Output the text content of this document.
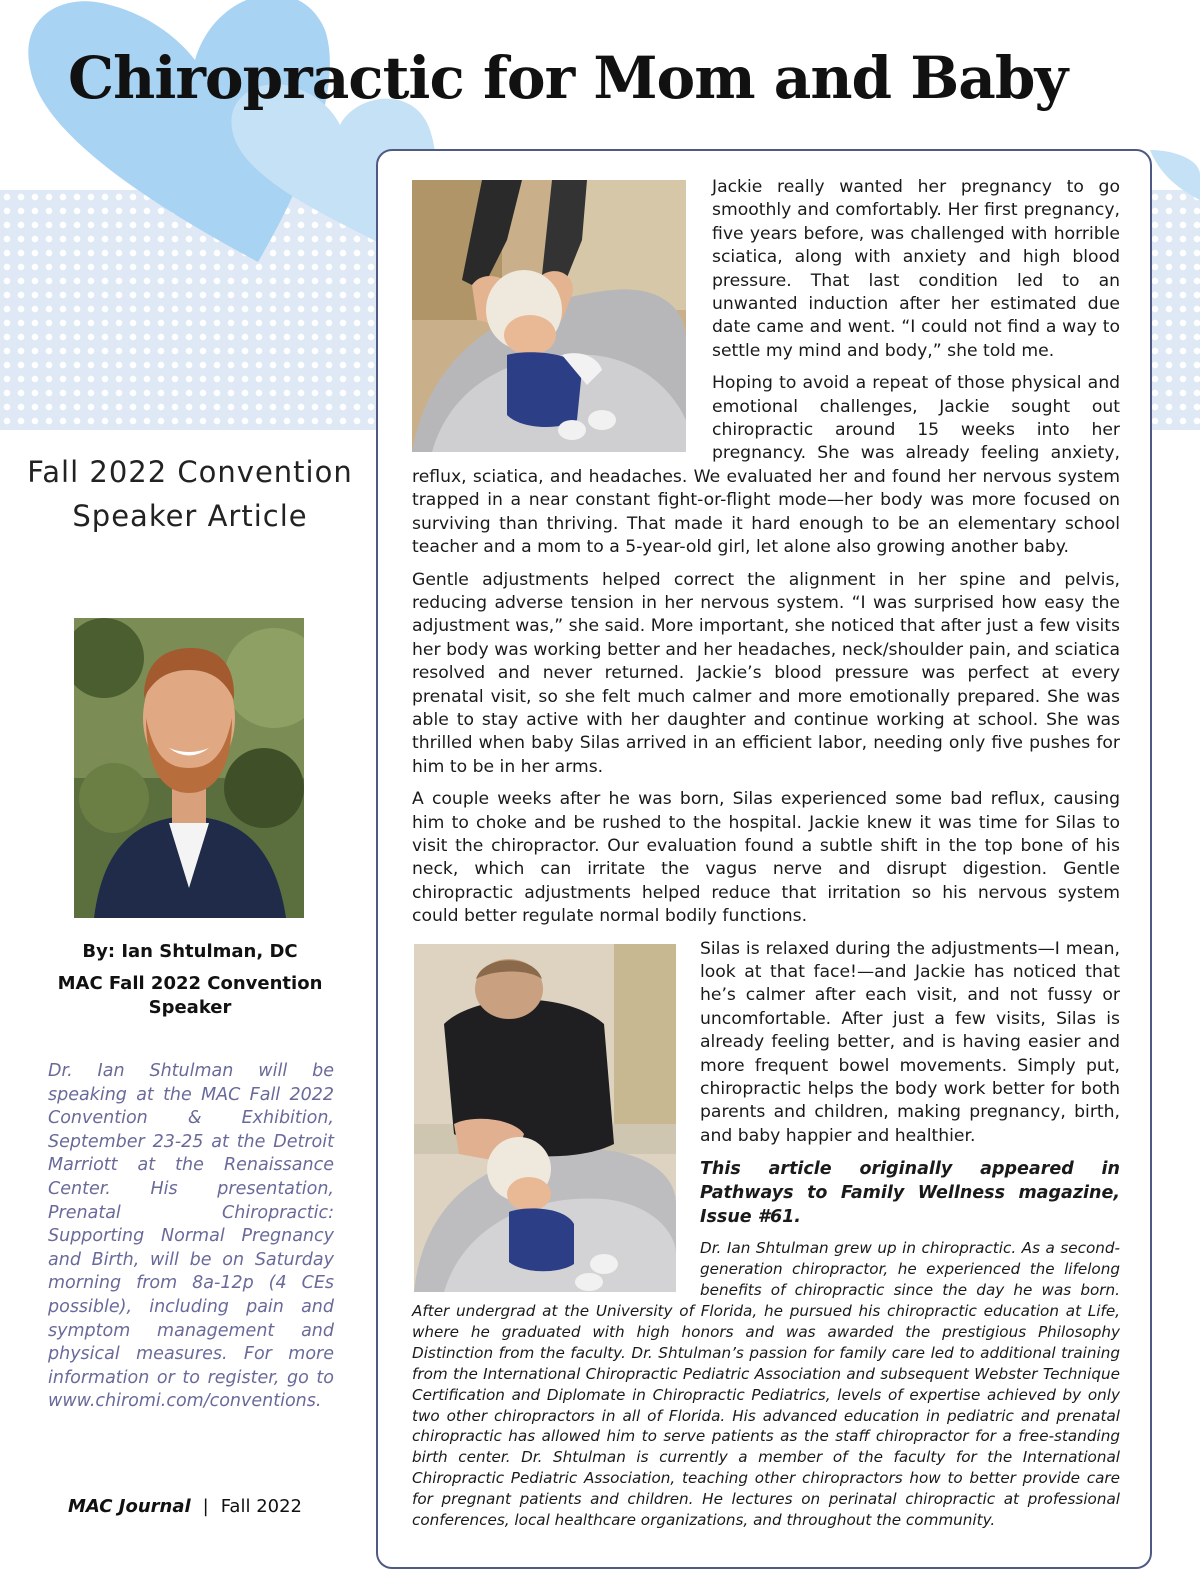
Chiropractic for Mom and Baby
Fall 2022 Convention
Speaker Article
By: Ian Shtulman, DC
MAC Fall 2022 Convention Speaker
Dr. Ian Shtulman will be speaking at the MAC Fall 2022 Convention & Exhibition, September 23-25 at the Detroit Marriott at the Renaissance Center. His presentation, Prenatal Chiropractic: Supporting Normal Pregnancy and Birth, will be on Saturday morning from 8a-12p (4 CEs possible), including pain and symptom management and physical measures. For more information or to register, go to www.chiromi.com/conventions.
MAC Journal | Fall 2022

Jackie really wanted her pregnancy to go smoothly and comfortably. Her first pregnancy, five years before, was challenged with horrible sciatica, along with anxiety and high blood pressure. That last condition led to an unwanted induction after her estimated due date came and went. “I could not find a way to settle my mind and body,” she told me.

Hoping to avoid a repeat of those physical and emotional challenges, Jackie sought out chiropractic around 15 weeks into her pregnancy. She was already feeling anxiety, reflux, sciatica, and headaches. We evaluated her and found her nervous system trapped in a near constant fight-or-flight mode—her body was more focused on surviving than thriving. That made it hard enough to be an elementary school teacher and a mom to a 5-year-old girl, let alone also growing another baby.

Gentle adjustments helped correct the alignment in her spine and pelvis, reducing adverse tension in her nervous system. “I was surprised how easy the adjustment was,” she said. More important, she noticed that after just a few visits her body was working better and her headaches, neck/shoulder pain, and sciatica resolved and never returned. Jackie’s blood pressure was perfect at every prenatal visit, so she felt much calmer and more emotionally prepared. She was able to stay active with her daughter and continue working at school. She was thrilled when baby Silas arrived in an efficient labor, needing only five pushes for him to be in her arms.

A couple weeks after he was born, Silas experienced some bad reflux, causing him to choke and be rushed to the hospital. Jackie knew it was time for Silas to visit the chiropractor. Our evaluation found a subtle shift in the top bone of his neck, which can irritate the vagus nerve and disrupt digestion. Gentle chiropractic adjustments helped reduce that irritation so his nervous system could better regulate normal bodily functions.

Silas is relaxed during the adjustments—I mean, look at that face!—and Jackie has noticed that he’s calmer after each visit, and not fussy or uncomfortable. After just a few visits, Silas is already feeling better, and is having easier and more frequent bowel movements. Simply put, chiropractic helps the body work better for both parents and children, making pregnancy, birth, and baby happier and healthier.

This article originally appeared in Pathways to Family Wellness magazine, Issue #61.

Dr. Ian Shtulman grew up in chiropractic. As a second-generation chiropractor, he experienced the lifelong benefits of chiropractic since the day he was born. After undergrad at the University of Florida, he pursued his chiropractic education at Life, where he graduated with high honors and was awarded the prestigious Philosophy Distinction from the faculty. Dr. Shtulman’s passion for family care led to additional training from the International Chiropractic Pediatric Association and subsequent Webster Technique Certification and Diplomate in Chiropractic Pediatrics, levels of expertise achieved by only two other chiropractors in all of Florida. His advanced education in pediatric and prenatal chiropractic has allowed him to serve patients as the staff chiropractor for a free-standing birth center. Dr. Shtulman is currently a member of the faculty for the International Chiropractic Pediatric Association, teaching other chiropractors how to better provide care for pregnant patients and children. He lectures on perinatal chiropractic at professional conferences, local healthcare organizations, and throughout the community.
